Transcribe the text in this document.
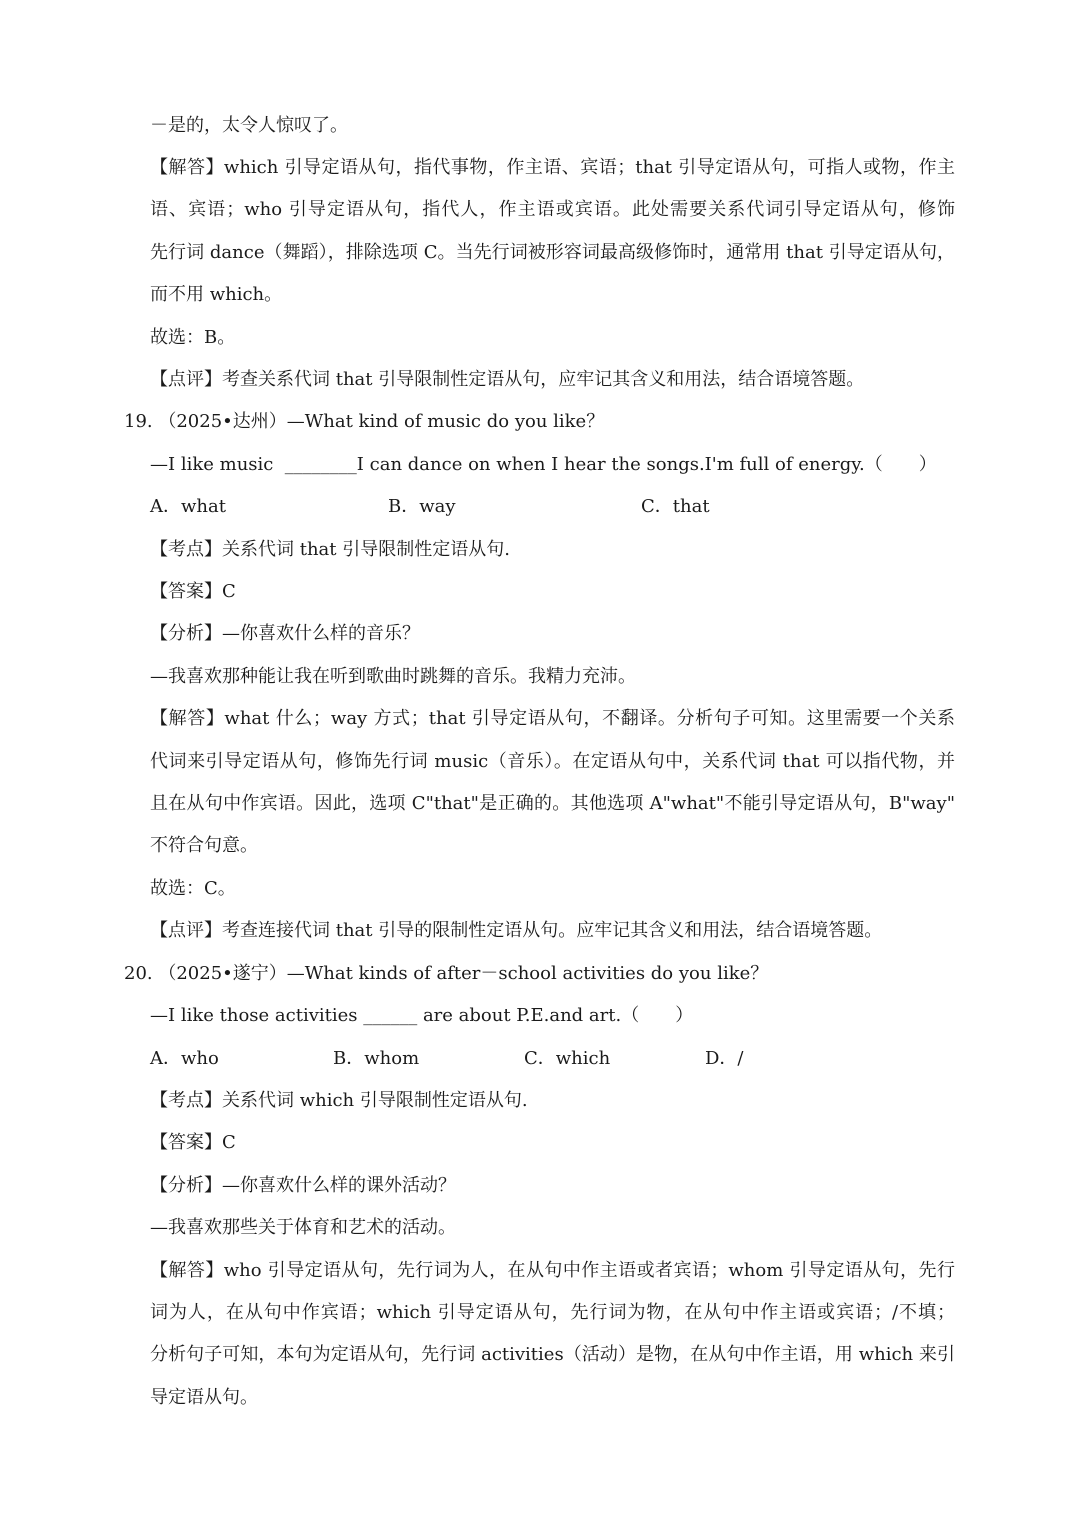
－是的，太令人惊叹了。
【解答】which 引导定语从句，指代事物，作主语、宾语；that 引导定语从句，可指人或物，作主
语、宾语；who 引导定语从句，指代人，作主语或宾语。此处需要关系代词引导定语从句，修饰
先行词 dance（舞蹈），排除选项 C。当先行词被形容词最高级修饰时，通常用 that 引导定语从句，
而不用 which。
故选：B。
【点评】考查关系代词 that 引导限制性定语从句，应牢记其含义和用法，结合语境答题。
19. （2025•达州）—What kind of music do you like？
—I like music  ________I can dance on when I hear the songs.I'm full of energy.（　　）
A．what	B．way	C．that
【考点】关系代词 that 引导限制性定语从句.
【答案】C
【分析】—你喜欢什么样的音乐？
—我喜欢那种能让我在听到歌曲时跳舞的音乐。我精力充沛。
【解答】what 什么；way 方式；that 引导定语从句，不翻译。分析句子可知。这里需要一个关系
代词来引导定语从句，修饰先行词 music（音乐）。在定语从句中，关系代词 that 可以指代物，并
且在从句中作宾语。因此，选项 C"that"是正确的。其他选项 A"what"不能引导定语从句，B"way"
不符合句意。
故选：C。
【点评】考查连接代词 that 引导的限制性定语从句。应牢记其含义和用法，结合语境答题。
20. （2025•遂宁）—What kinds of after－school activities do you like？
—I like those activities ______ are about P.E.and art.（　　）
A．who	B．whom	C．which	D．/
【考点】关系代词 which 引导限制性定语从句.
【答案】C
【分析】—你喜欢什么样的课外活动？
—我喜欢那些关于体育和艺术的活动。
【解答】who 引导定语从句，先行词为人，在从句中作主语或者宾语；whom 引导定语从句，先行
词为人，在从句中作宾语；which 引导定语从句，先行词为物，在从句中作主语或宾语；/不填；
分析句子可知，本句为定语从句，先行词 activities（活动）是物，在从句中作主语，用 which 来引
导定语从句。
